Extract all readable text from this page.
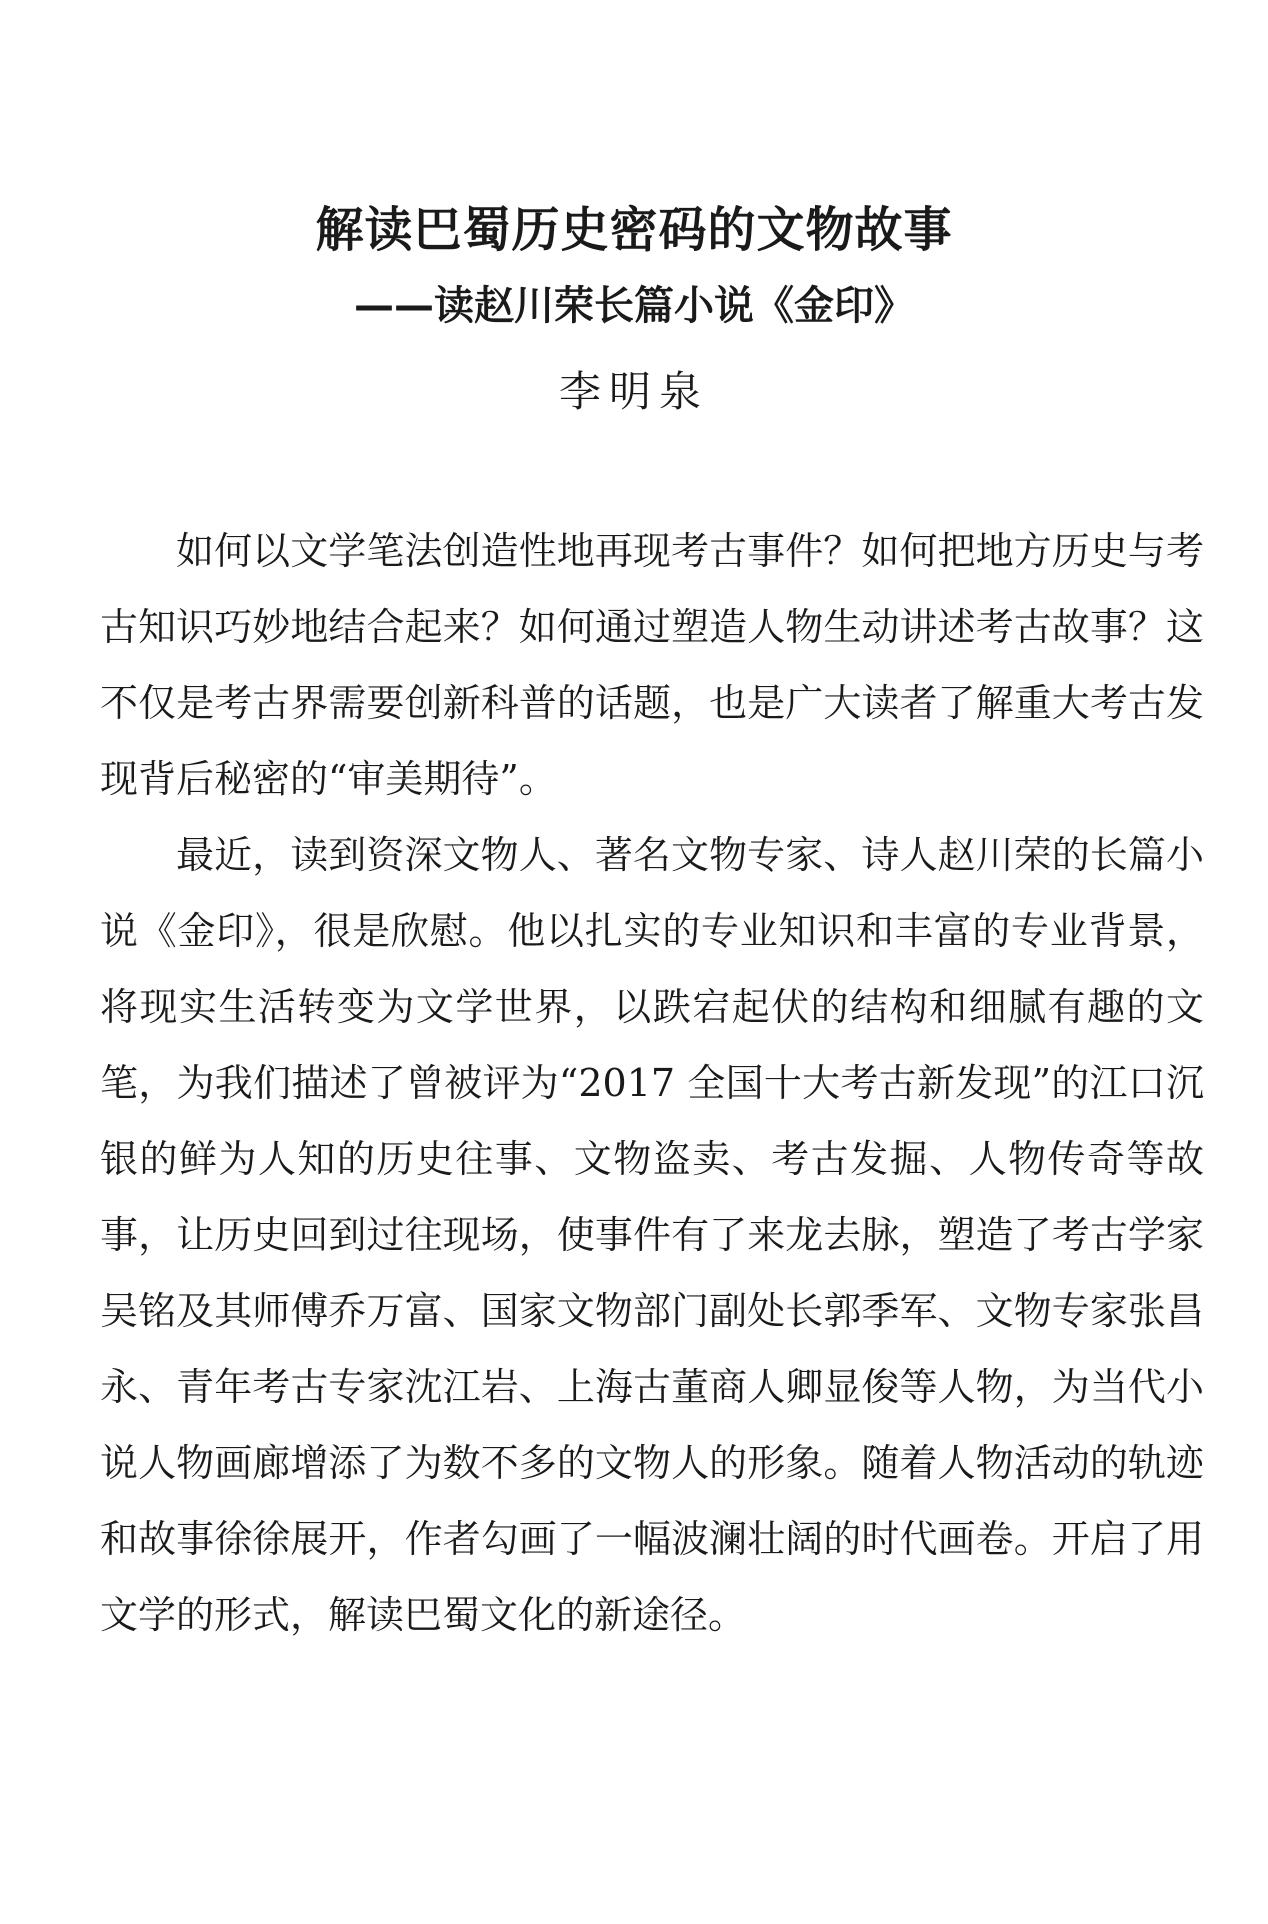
解读巴蜀历史密码的文物故事
——读赵川荣长篇小说《金印》
李明泉

如何以文学笔法创造性地再现考古事件？如何把地方历史与考古知识巧妙地结合起来？如何通过塑造人物生动讲述考古故事？这不仅是考古界需要创新科普的话题，也是广大读者了解重大考古发现背后秘密的“审美期待”。

最近，读到资深文物人、著名文物专家、诗人赵川荣的长篇小说《金印》，很是欣慰。他以扎实的专业知识和丰富的专业背景，将现实生活转变为文学世界，以跌宕起伏的结构和细腻有趣的文笔，为我们描述了曾被评为“2017 全国十大考古新发现”的江口沉银的鲜为人知的历史往事、文物盗卖、考古发掘、人物传奇等故事，让历史回到过往现场，使事件有了来龙去脉，塑造了考古学家吴铭及其师傅乔万富、国家文物部门副处长郭季军、文物专家张昌永、青年考古专家沈江岩、上海古董商人卿显俊等人物，为当代小说人物画廊增添了为数不多的文物人的形象。随着人物活动的轨迹和故事徐徐展开，作者勾画了一幅波澜壮阔的时代画卷。开启了用文学的形式，解读巴蜀文化的新途径。
